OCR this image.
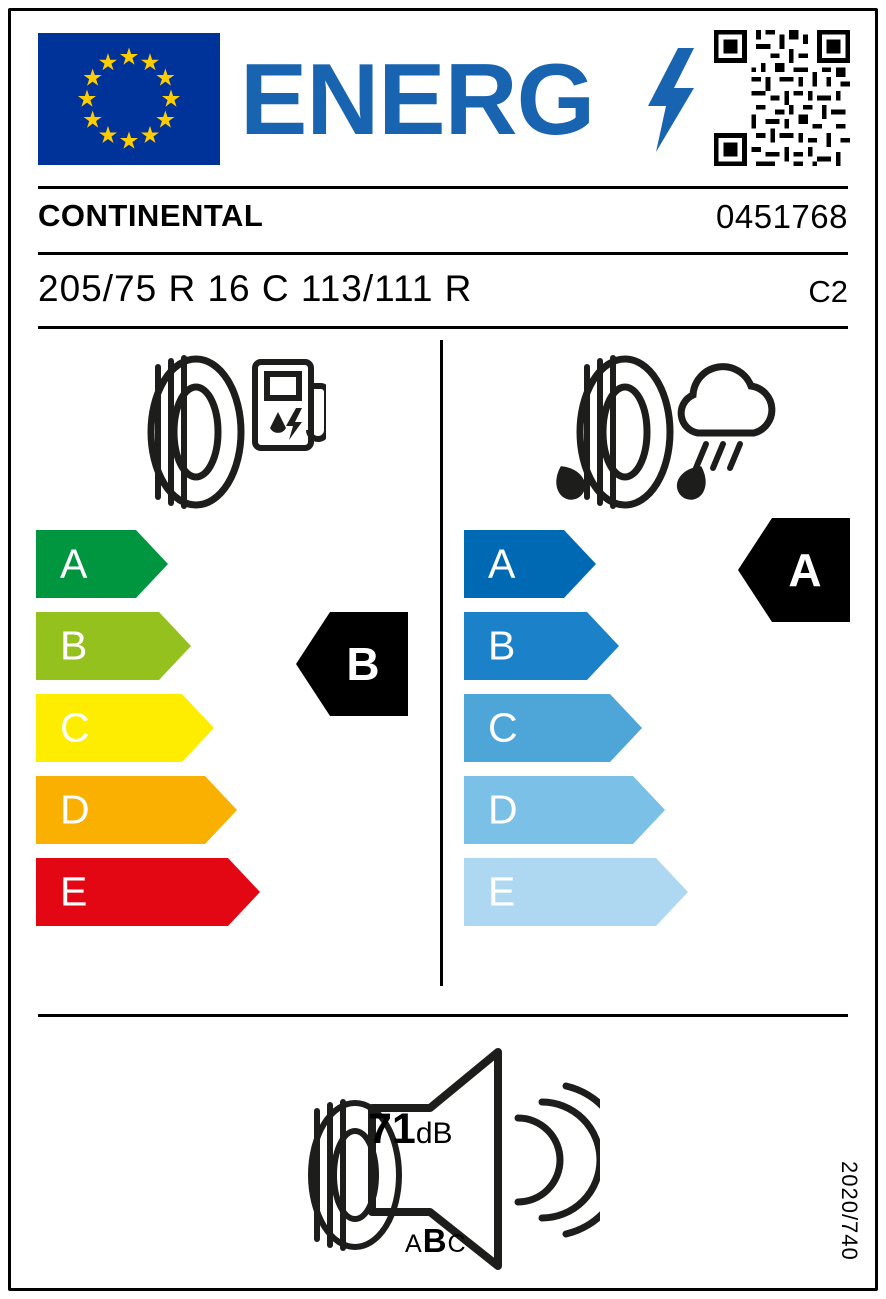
ENERG
CONTINENTAL	0451768
205/75 R 16 C 113/111 R	C2
A
B
C
D
E
B
A
B
C
D
E
A
71dB
ABC	2020/740
